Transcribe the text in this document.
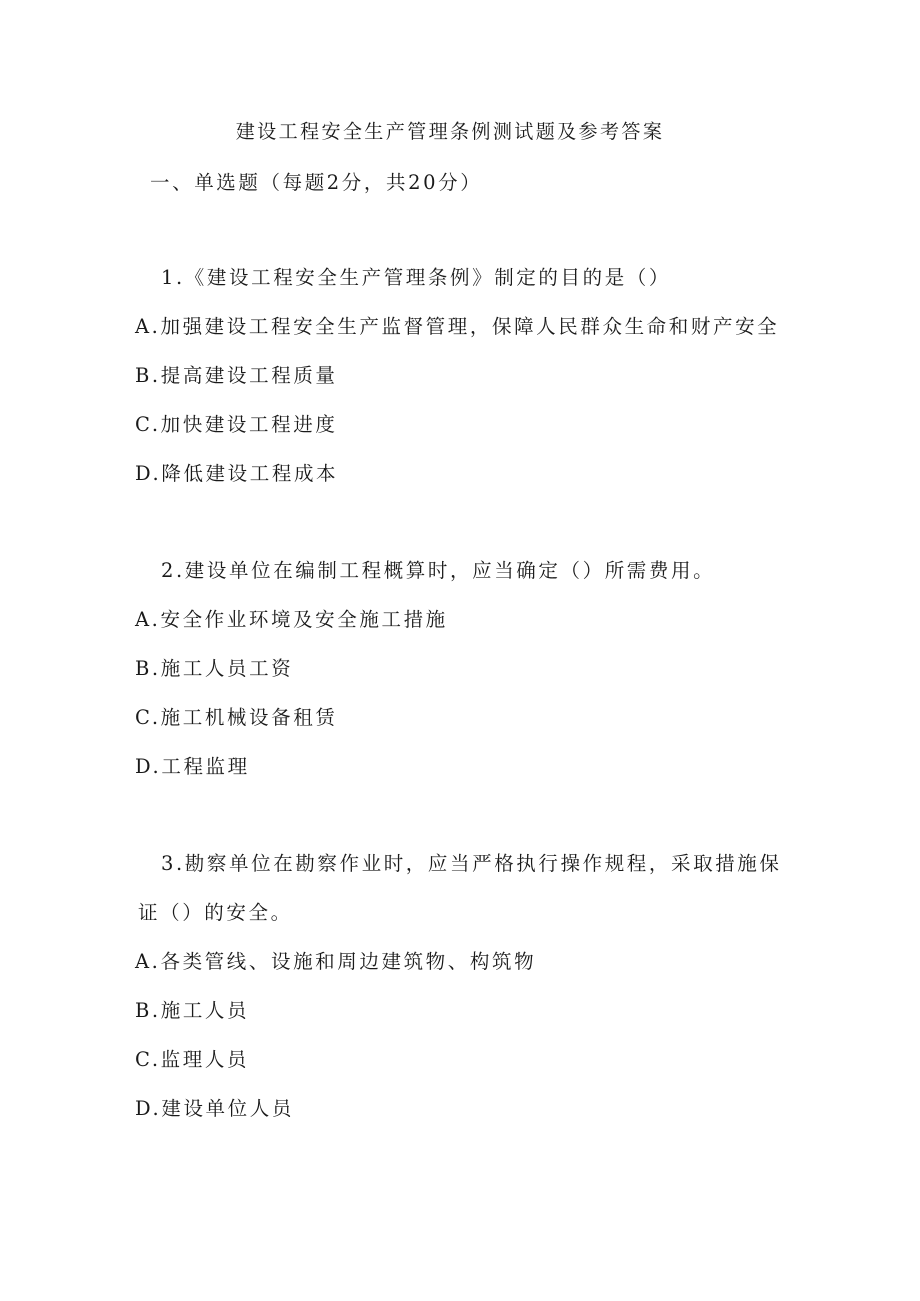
建设工程安全生产管理条例测试题及参考答案
一、单选题（每题2分，共20分）
1.《建设工程安全生产管理条例》制定的目的是（）
A.加强建设工程安全生产监督管理，保障人民群众生命和财产安全
B.提高建设工程质量
C.加快建设工程进度
D.降低建设工程成本
2.建设单位在编制工程概算时，应当确定（）所需费用。
A.安全作业环境及安全施工措施
B.施工人员工资
C.施工机械设备租赁
D.工程监理
3.勘察单位在勘察作业时，应当严格执行操作规程，采取措施保
证（）的安全。
A.各类管线、设施和周边建筑物、构筑物
B.施工人员
C.监理人员
D.建设单位人员
